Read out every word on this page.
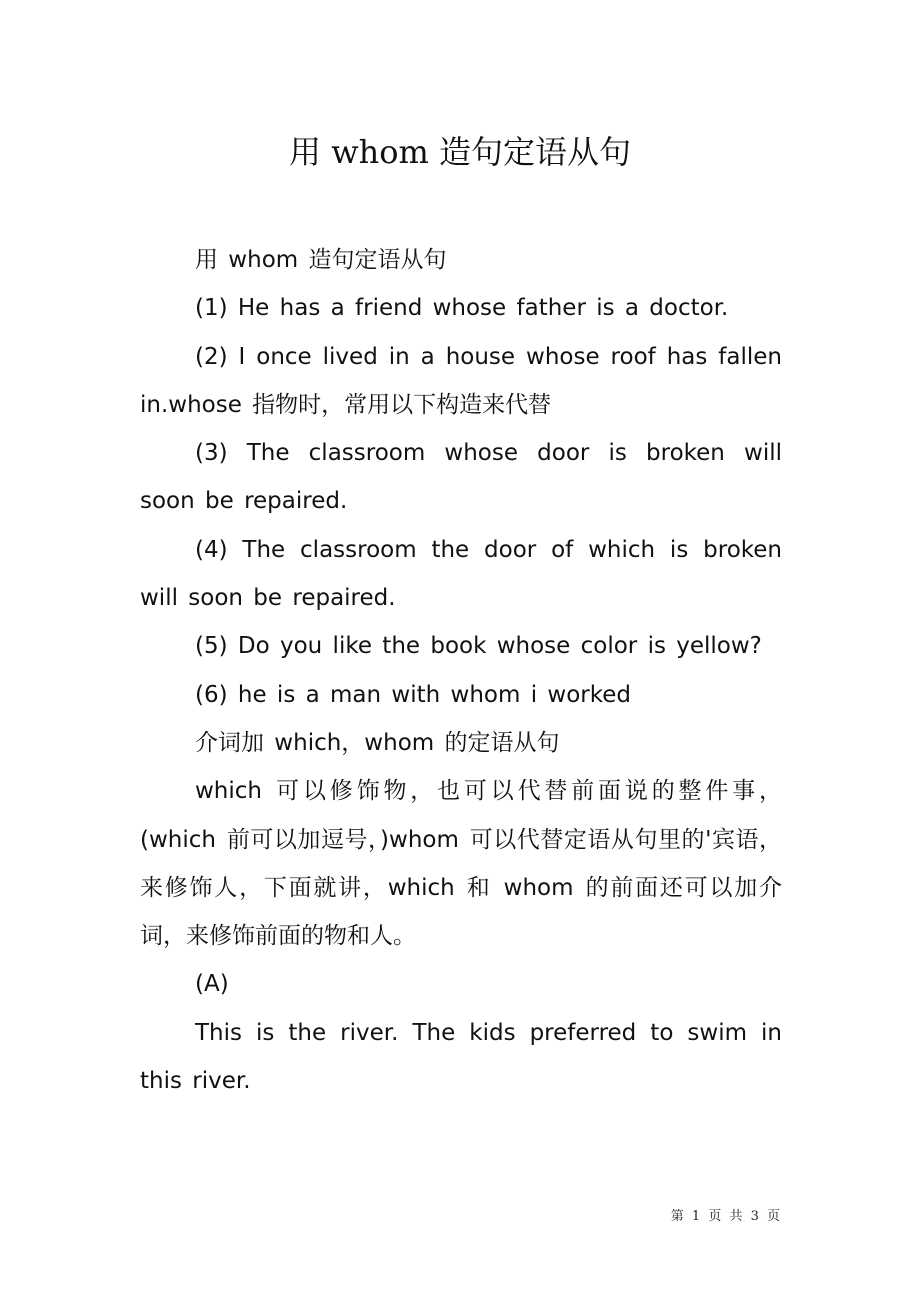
用 whom 造句定语从句

用 whom 造句定语从句

(1) He has a friend whose father is a doctor.

(2) I once lived in a house whose roof has fallen in.whose 指物时，常用以下构造来代替

(3) The classroom whose door is broken will soon be repaired.

(4) The classroom the door of which is broken will soon be repaired.

(5) Do you like the book whose color is yellow?

(6) he is a man with whom i worked

介词加 which，whom 的定语从句

which 可以修饰物，也可以代替前面说的整件事，(which 前可以加逗号，)whom 可以代替定语从句里的'宾语，来修饰人，下面就讲，which 和 whom 的前面还可以加介词，来修饰前面的物和人。

(A)

This is the river. The kids preferred to swim in this river.

第 1 页 共 3 页
